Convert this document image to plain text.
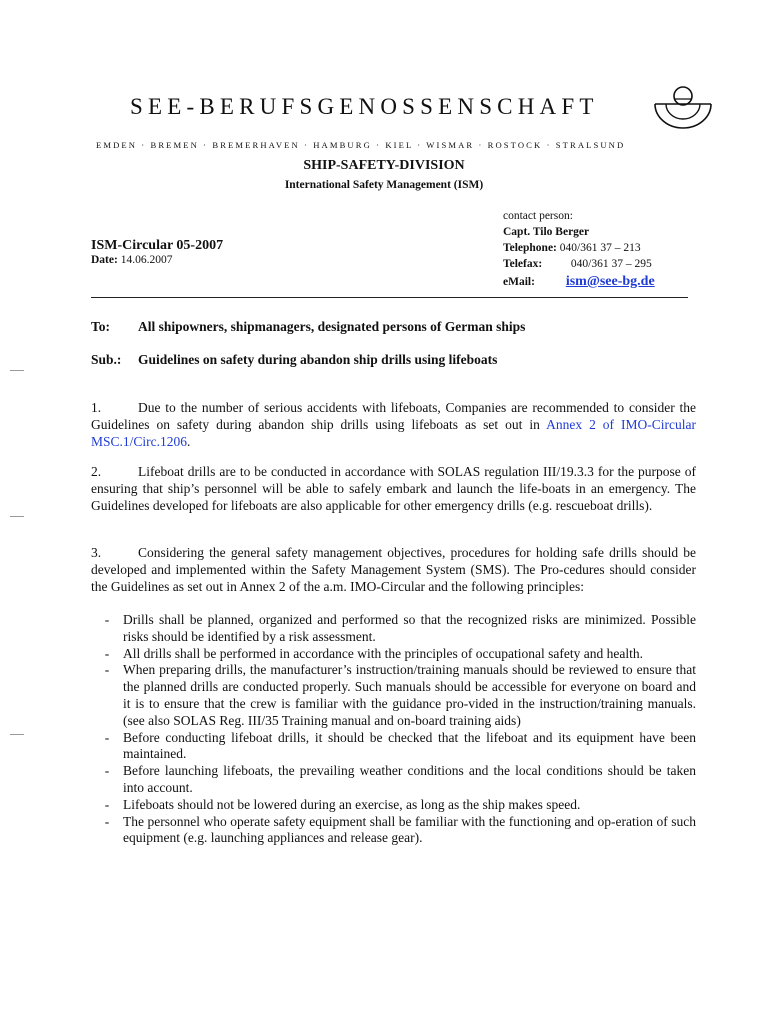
SEE-BERUFSGENOSSENSCHAFT
EMDEN · BREMEN · BREMERHAVEN · HAMBURG · KIEL · WISMAR · ROSTOCK · STRALSUND
SHIP-SAFETY-DIVISION
International Safety Management (ISM)
contact person:
Capt. Tilo Berger
Telephone: 040/361 37 – 213
Telefax: 040/361 37 – 295
eMail: ism@see-bg.de
ISM-Circular 05-2007
Date: 14.06.2007
To: All shipowners, shipmanagers, designated persons of German ships
Sub.: Guidelines on safety during abandon ship drills using lifeboats
1.	Due to the number of serious accidents with lifeboats, Companies are recommended to consider the Guidelines on safety during abandon ship drills using lifeboats as set out in Annex 2 of IMO-Circular MSC.1/Circ.1206.
2.	Lifeboat drills are to be conducted in accordance with SOLAS regulation III/19.3.3 for the purpose of ensuring that ship’s personnel will be able to safely embark and launch the life-boats in an emergency. The Guidelines developed for lifeboats are also applicable for other emergency drills (e.g. rescueboat drills).
3.	Considering the general safety management objectives, procedures for holding safe drills should be developed and implemented within the Safety Management System (SMS). The Pro-cedures should consider the Guidelines as set out in Annex 2 of the a.m. IMO-Circular and the following principles:
-	Drills shall be planned, organized and performed so that the recognized risks are minimized. Possible risks should be identified by a risk assessment.
-	All drills shall be performed in accordance with the principles of occupational safety and health.
-	When preparing drills, the manufacturer’s instruction/training manuals should be reviewed to ensure that the planned drills are conducted properly. Such manuals should be accessible for everyone on board and it is to ensure that the crew is familiar with the guidance pro-vided in the instruction/training manuals. (see also SOLAS Reg. III/35 Training manual and on-board training aids)
-	Before conducting lifeboat drills, it should be checked that the lifeboat and its equipment have been maintained.
-	Before launching lifeboats, the prevailing weather conditions and the local conditions should be taken into account.
-	Lifeboats should not be lowered during an exercise, as long as the ship makes speed.
-	The personnel who operate safety equipment shall be familiar with the functioning and op-eration of such equipment (e.g. launching appliances and release gear).
